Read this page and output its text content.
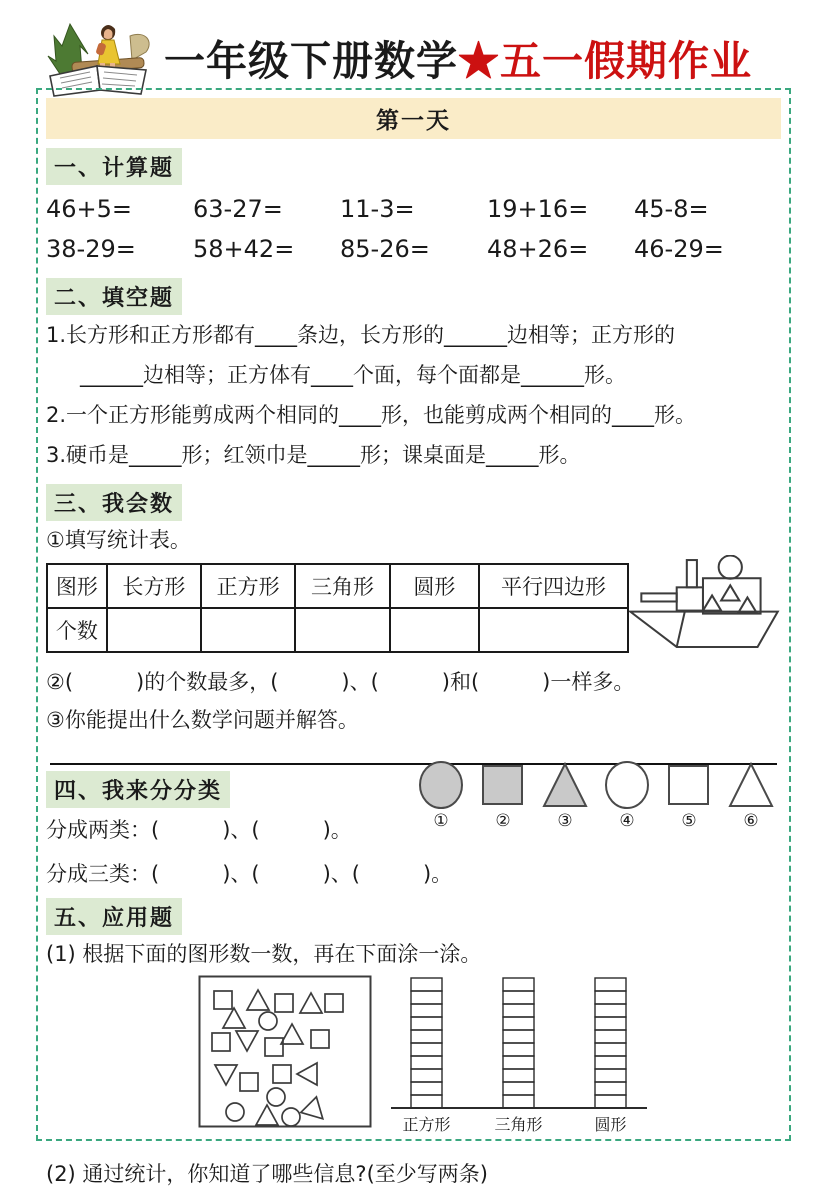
一年级下册数学★五一假期作业
第一天
一、计算题
46+5=	63-27=	11-3=	19+16=	45-8=
38-29=	58+42=	85-26=	48+26=	46-29=
二、填空题
1.长方形和正方形都有____条边，长方形的______边相等；正方形的
______边相等；正方体有____个面，每个面都是______形。
2.一个正方形能剪成两个相同的____形，也能剪成两个相同的____形。
3.硬币是_____形；红领巾是_____形；课桌面是_____形。
三、我会数
①填写统计表。
图形	长方形	正方形	三角形	圆形	平行四边形
个数					
②(　　　)的个数最多，(　　　)、(　　　)和(　　　)一样多。
③你能提出什么数学问题并解答。
四、我来分分类
①	②	③	④	⑤	⑥
分成两类：(　　　)、(　　　)。
分成三类：(　　　)、(　　　)、(　　　)。
五、应用题
(1) 根据下面的图形数一数，再在下面涂一涂。
正方形	三角形	圆形
(2) 通过统计，你知道了哪些信息?(至少写两条)
